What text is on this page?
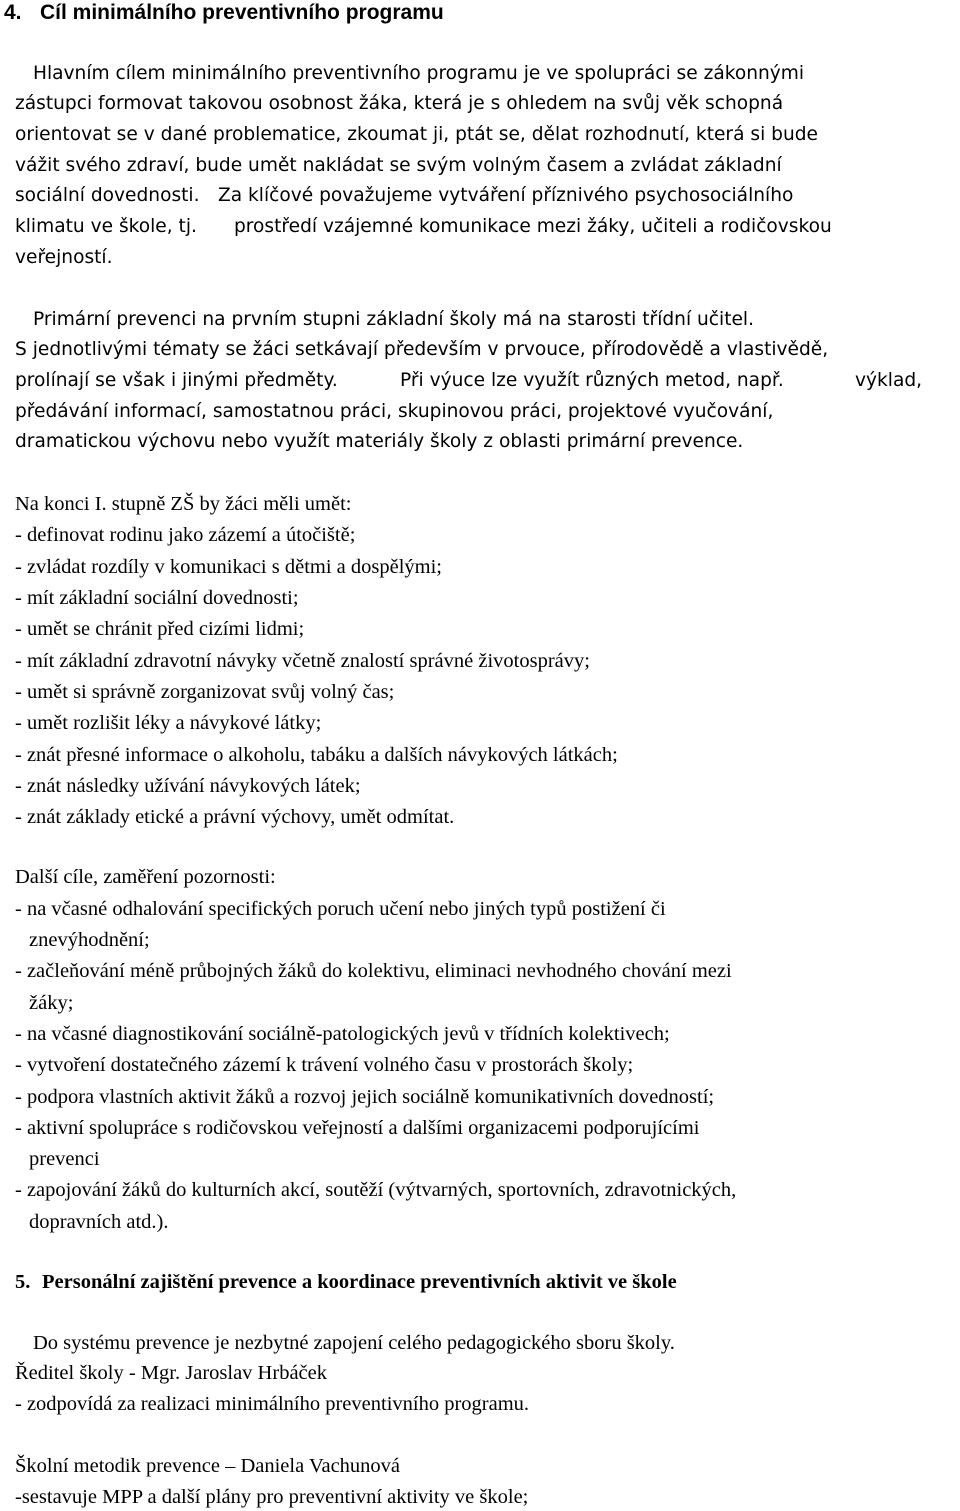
4. Cíl minimálního preventivního programu
Hlavním cílem minimálního preventivního programu je ve spolupráci se zákonnými
zástupci formovat takovou osobnost žáka, která je s ohledem na svůj věk schopná
orientovat se v dané problematice, zkoumat ji, ptát se, dělat rozhodnutí, která si bude
vážit svého zdraví, bude umět nakládat se svým volným časem a zvládat základní
sociální dovednosti. Za klíčové považujeme vytváření příznivého psychosociálního
klimatu ve škole, tj. prostředí vzájemné komunikace mezi žáky, učiteli a rodičovskou
veřejností.
Primární prevenci na prvním stupni základní školy má na starosti třídní učitel.
S jednotlivými tématy se žáci setkávají především v prvouce, přírodovědě a vlastivědě,
prolínají se však i jinými předměty.	Při výuce lze využít různých metod, např.	výklad,
předávání informací, samostatnou práci, skupinovou práci, projektové vyučování,
dramatickou výchovu nebo využít materiály školy z oblasti primární prevence.
Na konci I. stupně ZŠ by žáci měli umět:
- definovat rodinu jako zázemí a útočiště;
- zvládat rozdíly v komunikaci s dětmi a dospělými;
- mít základní sociální dovednosti;
- umět se chránit před cizími lidmi;
- mít základní zdravotní návyky včetně znalostí správné životosprávy;
- umět si správně zorganizovat svůj volný čas;
- umět rozlišit léky a návykové látky;
- znát přesné informace o alkoholu, tabáku a dalších návykových látkách;
- znát následky užívání návykových látek;
- znát základy etické a právní výchovy, umět odmítat.
Další cíle, zaměření pozornosti:
- na včasné odhalování specifických poruch učení nebo jiných typů postižení či
znevýhodnění;
- začleňování méně průbojných žáků do kolektivu, eliminaci nevhodného chování mezi
žáky;
- na včasné diagnostikování sociálně-patologických jevů v třídních kolektivech;
- vytvoření dostatečného zázemí k trávení volného času v prostorách školy;
- podpora vlastních aktivit žáků a rozvoj jejich sociálně komunikativních dovedností;
- aktivní spolupráce s rodičovskou veřejností a dalšími organizacemi podporujícími
prevenci
- zapojování žáků do kulturních akcí, soutěží (výtvarných, sportovních, zdravotnických,
dopravních atd.).
5. Personální zajištění prevence a koordinace preventivních aktivit ve škole
Do systému prevence je nezbytné zapojení celého pedagogického sboru školy.
Ředitel školy - Mgr. Jaroslav Hrbáček
- zodpovídá za realizaci minimálního preventivního programu.
Školní metodik prevence – Daniela Vachunová
-sestavuje MPP a další plány pro preventivní aktivity ve škole;
